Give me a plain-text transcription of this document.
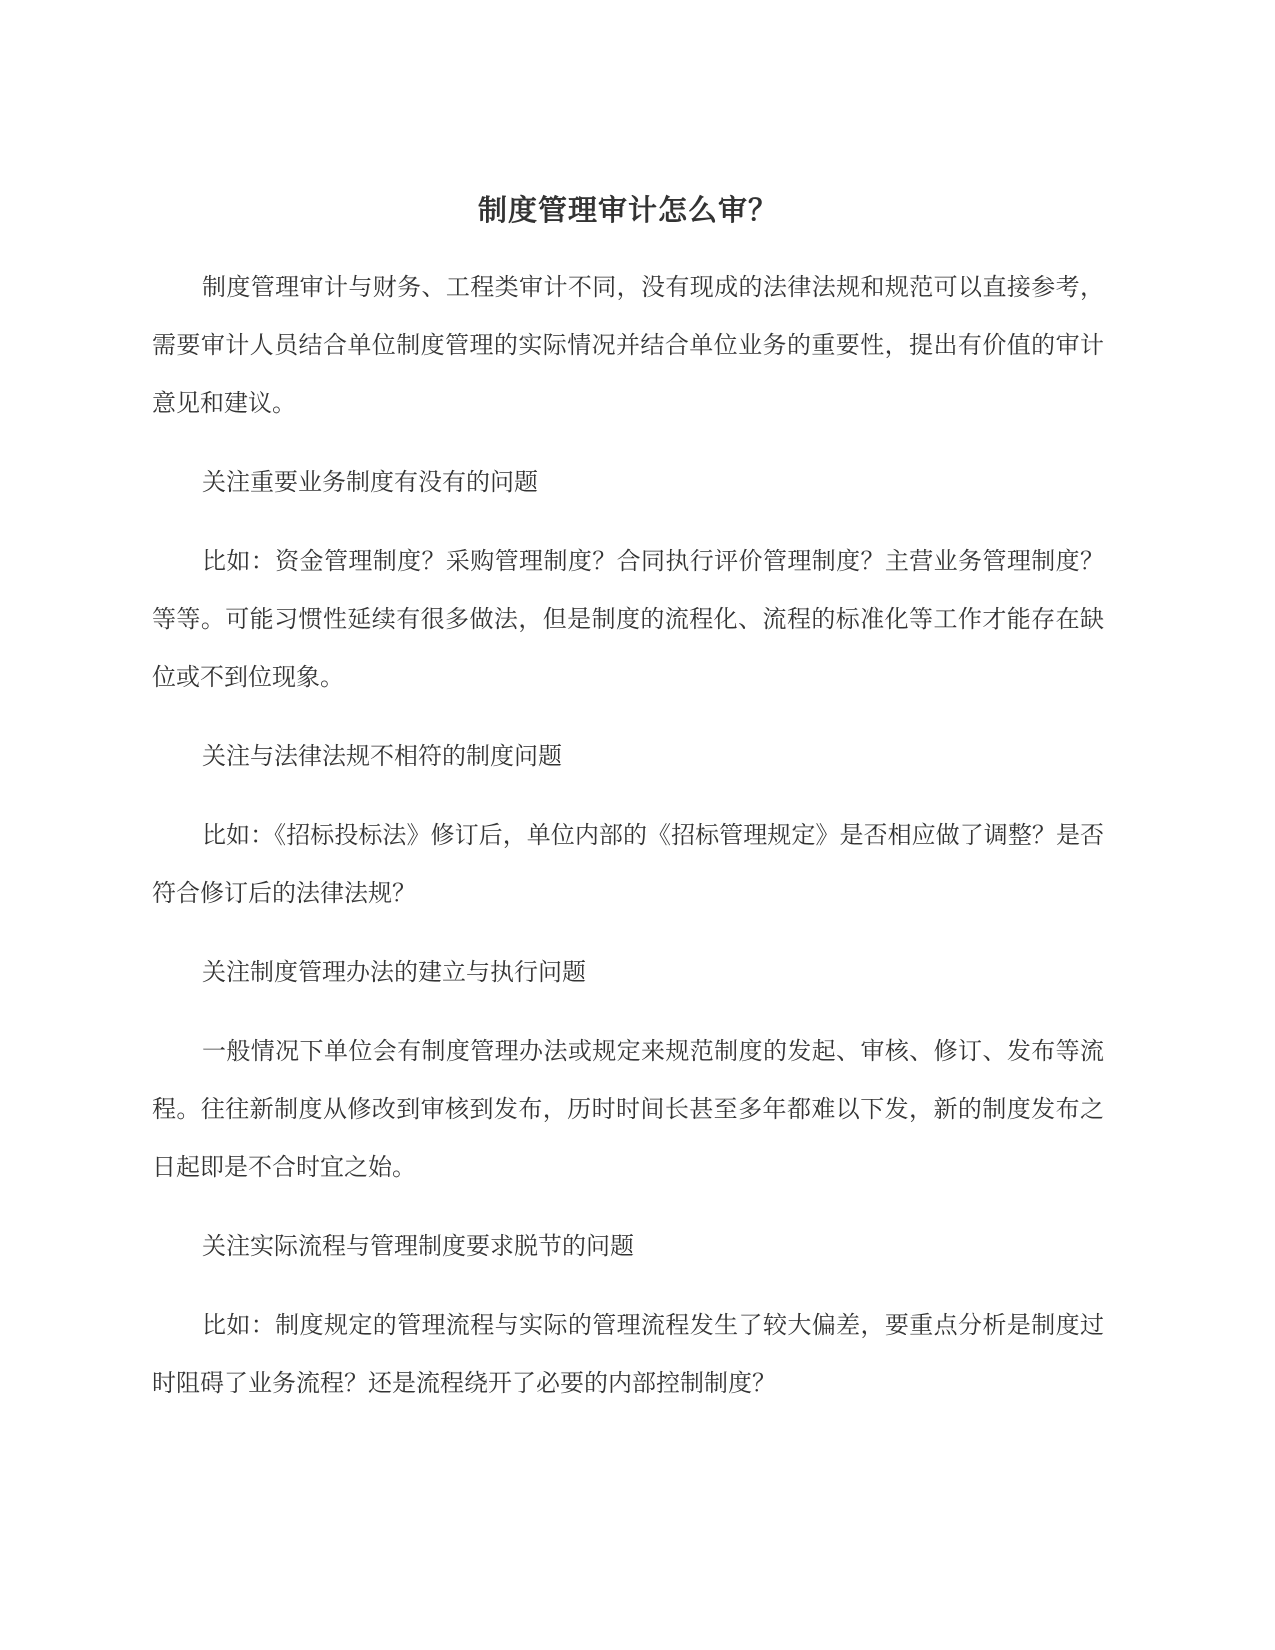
制度管理审计怎么审？

制度管理审计与财务、工程类审计不同，没有现成的法律法规和规范可以直接参考，需要审计人员结合单位制度管理的实际情况并结合单位业务的重要性，提出有价值的审计意见和建议。

关注重要业务制度有没有的问题

比如：资金管理制度？采购管理制度？合同执行评价管理制度？主营业务管理制度？等等。可能习惯性延续有很多做法，但是制度的流程化、流程的标准化等工作才能存在缺位或不到位现象。

关注与法律法规不相符的制度问题

比如：《招标投标法》修订后，单位内部的《招标管理规定》是否相应做了调整？是否符合修订后的法律法规？

关注制度管理办法的建立与执行问题

一般情况下单位会有制度管理办法或规定来规范制度的发起、审核、修订、发布等流程。往往新制度从修改到审核到发布，历时时间长甚至多年都难以下发，新的制度发布之日起即是不合时宜之始。

关注实际流程与管理制度要求脱节的问题

比如：制度规定的管理流程与实际的管理流程发生了较大偏差，要重点分析是制度过时阻碍了业务流程？还是流程绕开了必要的内部控制制度？
